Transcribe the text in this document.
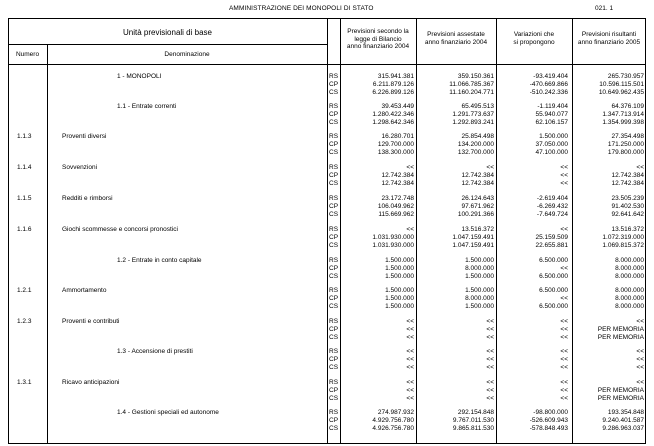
AMMINISTRAZIONE DEI MONOPOLI DI STATO	021. 1
Unità previsionali di base
Numero	Denominazione
Previsioni secondo la
legge di Bilancio
anno finanziario 2004
Previsioni assestate
anno finanziario 2004
Variazioni che
si propongono
Previsioni risultanti
anno finanziario 2005
1 - MONOPOLI	RS	315.941.381	359.150.361	-93.419.404	265.730.957
CP	6.211.879.126	11.066.785.367	-470.669.866	10.596.115.501
CS	6.226.899.126	11.160.204.771	-510.242.336	10.649.962.435
1.1 - Entrate correnti	RS	39.453.449	65.495.513	-1.119.404	64.376.109
CP	1.280.422.346	1.291.773.637	55.940.077	1.347.713.914
CS	1.298.642.346	1.292.893.241	62.106.157	1.354.999.398
1.1.3	Proventi diversi	RS	16.280.701	25.854.498	1.500.000	27.354.498
CP	129.700.000	134.200.000	37.050.000	171.250.000
CS	138.300.000	132.700.000	47.100.000	179.800.000
1.1.4	Sovvenzioni	RS	<<	<<	<<	<<
CP	12.742.384	12.742.384	<<	12.742.384
CS	12.742.384	12.742.384	<<	12.742.384
1.1.5	Redditi e rimborsi	RS	23.172.748	26.124.643	-2.619.404	23.505.239
CP	106.049.962	97.671.962	-6.269.432	91.402.530
CS	115.669.962	100.291.366	-7.649.724	92.641.642
1.1.6	Giochi scommesse e concorsi pronostici	RS	<<	13.516.372	<<	13.516.372
CP	1.031.930.000	1.047.159.491	25.159.509	1.072.319.000
CS	1.031.930.000	1.047.159.491	22.655.881	1.069.815.372
1.2 - Entrate in conto capitale	RS	1.500.000	1.500.000	6.500.000	8.000.000
CP	1.500.000	8.000.000	<<	8.000.000
CS	1.500.000	1.500.000	6.500.000	8.000.000
1.2.1	Ammortamento	RS	1.500.000	1.500.000	6.500.000	8.000.000
CP	1.500.000	8.000.000	<<	8.000.000
CS	1.500.000	1.500.000	6.500.000	8.000.000
1.2.3	Proventi e contributi	RS	<<	<<	<<	<<
CP	<<	<<	<<	PER MEMORIA
CS	<<	<<	<<	PER MEMORIA
1.3 - Accensione di prestiti	RS	<<	<<	<<	<<
CP	<<	<<	<<	<<
CS	<<	<<	<<	<<
1.3.1	Ricavo anticipazioni	RS	<<	<<	<<	<<
CP	<<	<<	<<	PER MEMORIA
CS	<<	<<	<<	PER MEMORIA
1.4 - Gestioni speciali ed autonome	RS	274.987.932	292.154.848	-98.800.000	193.354.848
CP	4.929.756.780	9.767.011.530	-526.609.943	9.240.401.587
CS	4.926.756.780	9.865.811.530	-578.848.493	9.286.963.037
